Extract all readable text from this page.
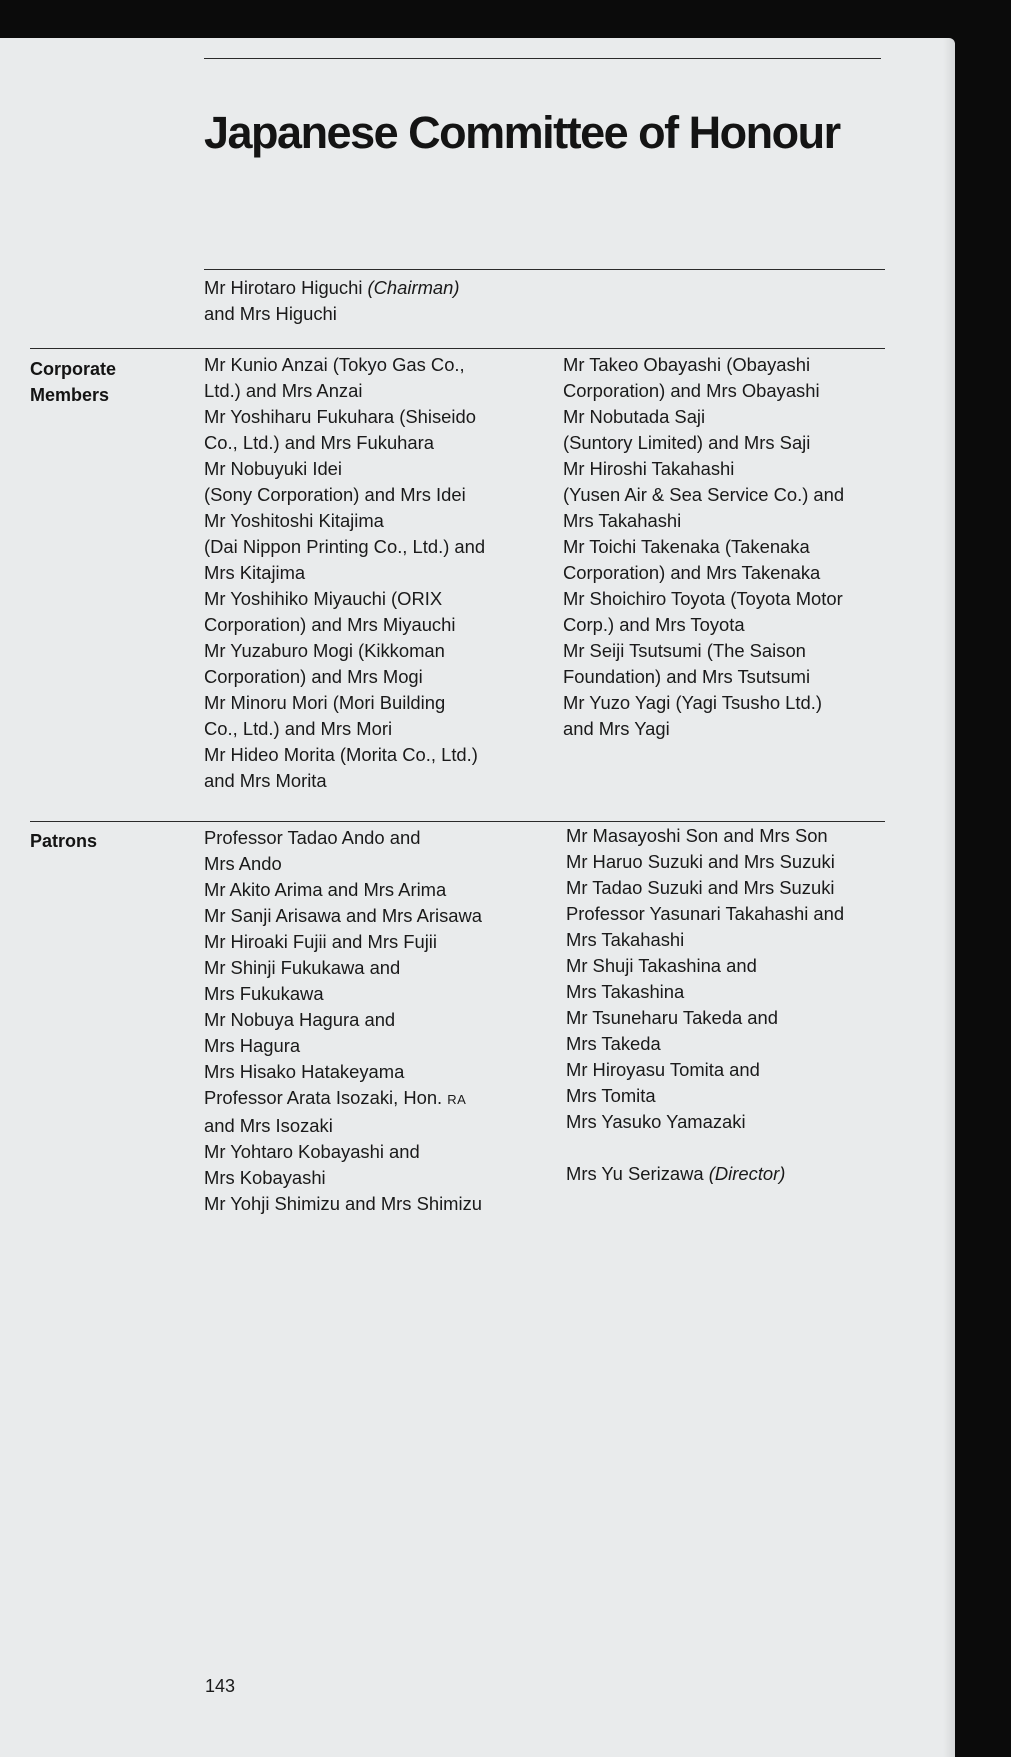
Japanese Committee of Honour
Mr Hirotaro Higuchi (Chairman)
and Mrs Higuchi
Corporate
Members
Mr Kunio Anzai (Tokyo Gas Co.,
Ltd.) and Mrs Anzai
Mr Yoshiharu Fukuhara (Shiseido
Co., Ltd.) and Mrs Fukuhara
Mr Nobuyuki Idei
(Sony Corporation) and Mrs Idei
Mr Yoshitoshi Kitajima
(Dai Nippon Printing Co., Ltd.) and
Mrs Kitajima
Mr Yoshihiko Miyauchi (ORIX
Corporation) and Mrs Miyauchi
Mr Yuzaburo Mogi (Kikkoman
Corporation) and Mrs Mogi
Mr Minoru Mori (Mori Building
Co., Ltd.) and Mrs Mori
Mr Hideo Morita (Morita Co., Ltd.)
and Mrs Morita
Mr Takeo Obayashi (Obayashi
Corporation) and Mrs Obayashi
Mr Nobutada Saji
(Suntory Limited) and Mrs Saji
Mr Hiroshi Takahashi
(Yusen Air & Sea Service Co.) and
Mrs Takahashi
Mr Toichi Takenaka (Takenaka
Corporation) and Mrs Takenaka
Mr Shoichiro Toyota (Toyota Motor
Corp.) and Mrs Toyota
Mr Seiji Tsutsumi (The Saison
Foundation) and Mrs Tsutsumi
Mr Yuzo Yagi (Yagi Tsusho Ltd.)
and Mrs Yagi
Patrons	Professor Tadao Ando and
Mrs Ando
Mr Akito Arima and Mrs Arima
Mr Sanji Arisawa and Mrs Arisawa
Mr Hiroaki Fujii and Mrs Fujii
Mr Shinji Fukukawa and
Mrs Fukukawa
Mr Nobuya Hagura and
Mrs Hagura
Mrs Hisako Hatakeyama
Professor Arata Isozaki, Hon. RA
and Mrs Isozaki
Mr Yohtaro Kobayashi and
Mrs Kobayashi
Mr Yohji Shimizu and Mrs Shimizu
Mr Masayoshi Son and Mrs Son
Mr Haruo Suzuki and Mrs Suzuki
Mr Tadao Suzuki and Mrs Suzuki
Professor Yasunari Takahashi and
Mrs Takahashi
Mr Shuji Takashina and
Mrs Takashina
Mr Tsuneharu Takeda and
Mrs Takeda
Mr Hiroyasu Tomita and
Mrs Tomita
Mrs Yasuko Yamazaki
Mrs Yu Serizawa (Director)
143
